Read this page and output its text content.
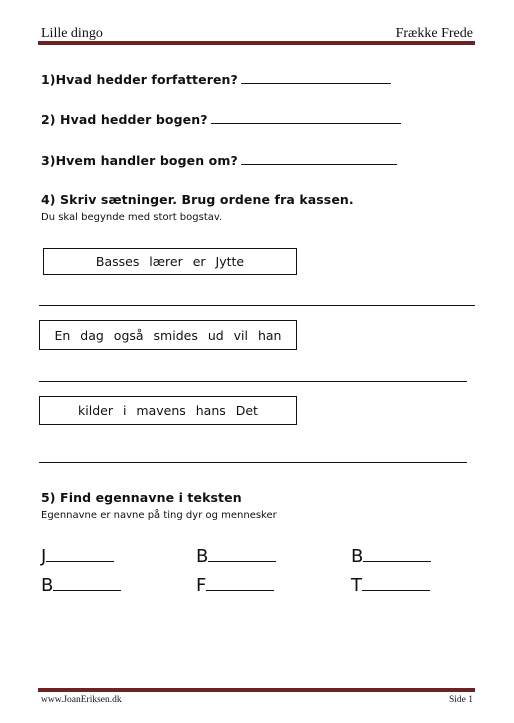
Lille dingo	Frække Frede
1)Hvad hedder forfatteren?
2) Hvad hedder bogen?
3)Hvem handler bogen om?
4) Skriv sætninger. Brug ordene fra kassen.
Du skal begynde med stort bogstav.
Basses lærer er Jytte
En dag også smides ud vil han
kilder i mavens hans Det
5) Find egennavne i teksten
Egennavne er navne på ting dyr og mennesker
J	B	B
B	F	T
www.JoanEriksen.dk	Side 1
